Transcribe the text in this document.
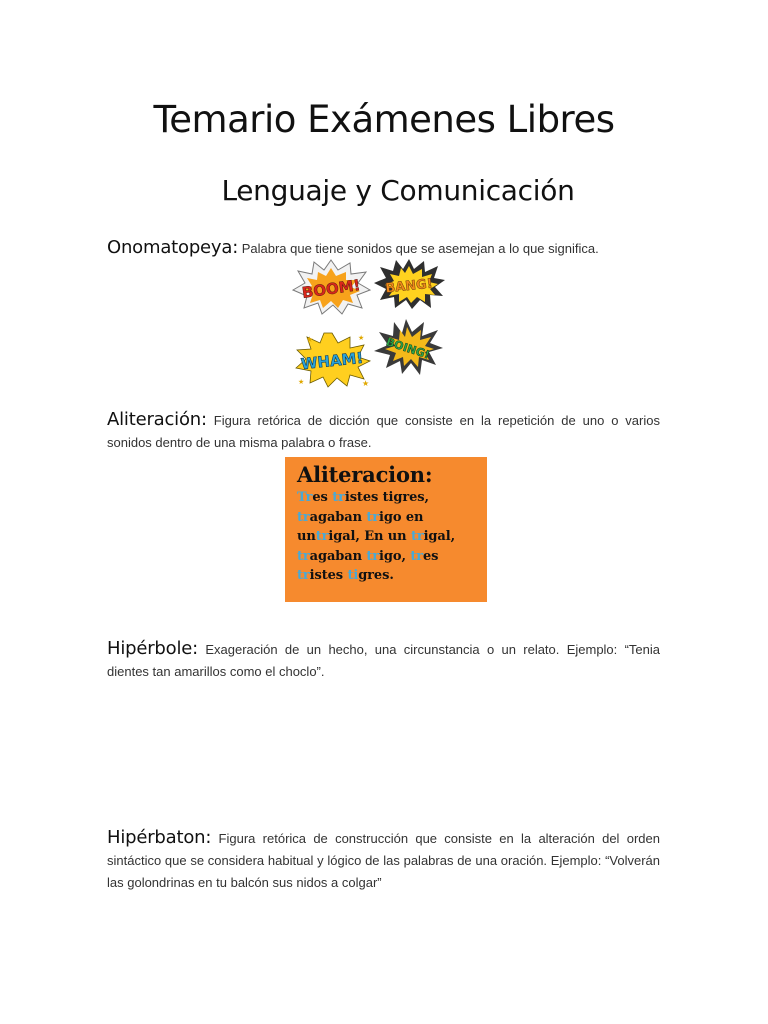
Temario Exámenes Libres
Lenguaje y Comunicación
Onomatopeya: Palabra que tiene sonidos que se asemejan a lo que significa.
BOOM! BANG!
WHAM!
★	★
★	★
BOING!
Aliteración: Figura retórica de dicción que consiste en la repetición de uno o varios sonidos dentro de una misma palabra o frase.
Aliteracion:
Tres tristes tigres,
tragaban trigo en
untrigal, En un trigal,
tragaban trigo, tres
tristes tigres.
Hipérbole: Exageración de un hecho, una circunstancia o un relato. Ejemplo: “Tenia dientes tan amarillos como el choclo”.
Hipérbaton: Figura retórica de construcción que consiste en la alteración del orden sintáctico que se considera habitual y lógico de las palabras de una oración. Ejemplo: “Volverán las golondrinas en tu balcón sus nidos a colgar”
